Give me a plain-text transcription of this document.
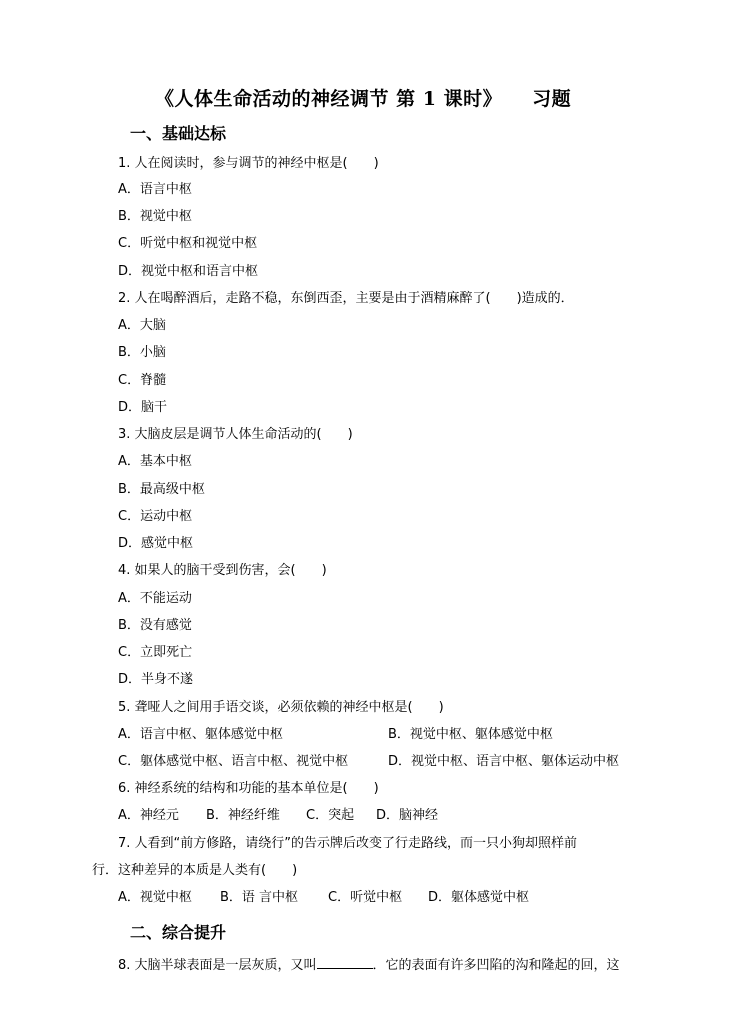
《人体生命活动的神经调节 第 1 课时》 习题
一、基础达标
1. 人在阅读时，参与调节的神经中枢是(　　)
A．语言中枢
B．视觉中枢
C．听觉中枢和视觉中枢
D．视觉中枢和语言中枢
2. 人在喝醉酒后，走路不稳，东倒西歪，主要是由于酒精麻醉了(　　)造成的．
A．大脑
B．小脑
C．脊髓
D．脑干
3. 大脑皮层是调节人体生命活动的(　　)
A．基本中枢
B．最高级中枢
C．运动中枢
D．感觉中枢
4. 如果人的脑干受到伤害，会(　　)
A．不能运动
B．没有感觉
C．立即死亡
D．半身不遂
5. 聋哑人之间用手语交谈，必须依赖的神经中枢是(　　)
A．语言中枢、躯体感觉中枢	B．视觉中枢、躯体感觉中枢
C．躯体感觉中枢、语言中枢、视觉中枢	D．视觉中枢、语言中枢、躯体运动中枢
6. 神经系统的结构和功能的基本单位是(　　)
A．神经元 B．神经纤维 C．突起 D．脑神经
7. 人看到“前方修路，请绕行”的告示牌后改变了行走路线，而一只小狗却照样前
行．这种差异的本质是人类有(　　)
A．视觉中枢 B．语 言中枢 C．听觉中枢 D．躯体感觉中枢
二、综合提升
8. 大脑半球表面是一层灰质，又叫	．它的表面有许多凹陷的沟和隆起的回，这
